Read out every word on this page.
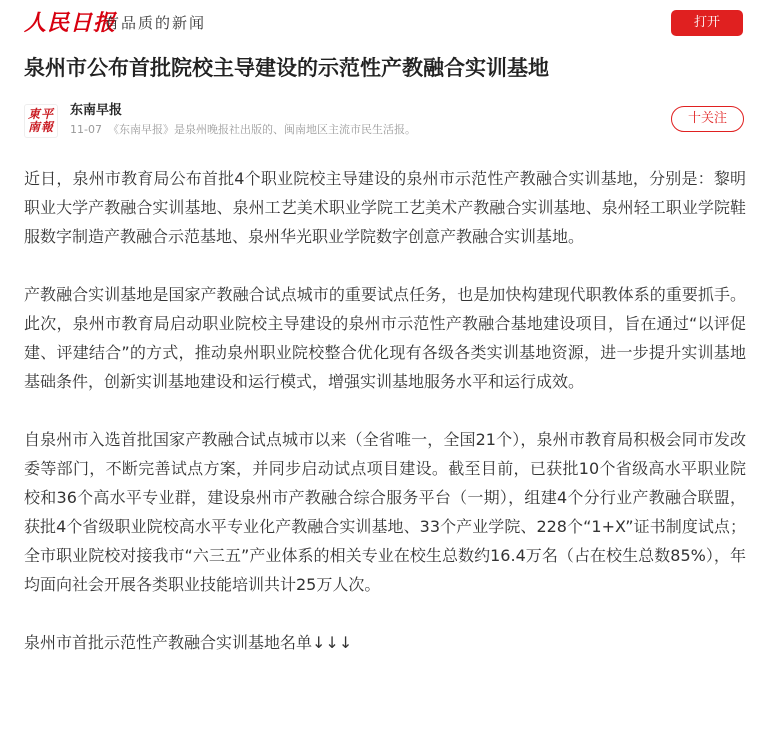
人民日报
有品质的新闻	打开
泉州市公布首批院校主导建设的示范性产教融合实训基地
東平
南報
东南早报
11-07 《东南早报》是泉州晚报社出版的、闽南地区主流市民生活报。
十关注

近日，泉州市教育局公布首批4个职业院校主导建设的泉州市示范性产教融合实训基地，分别是：黎明职业大学产教融合实训基地、泉州工艺美术职业学院工艺美术产教融合实训基地、泉州轻工职业学院鞋服数字制造产教融合示范基地、泉州华光职业学院数字创意产教融合实训基地。

产教融合实训基地是国家产教融合试点城市的重要试点任务，也是加快构建现代职教体系的重要抓手。此次，泉州市教育局启动职业院校主导建设的泉州市示范性产教融合基地建设项目，旨在通过“以评促建、评建结合”的方式，推动泉州职业院校整合优化现有各级各类实训基地资源，进一步提升实训基地基础条件，创新实训基地建设和运行模式，增强实训基地服务水平和运行成效。

自泉州市入选首批国家产教融合试点城市以来（全省唯一，全国21个），泉州市教育局积极会同市发改委等部门，不断完善试点方案，并同步启动试点项目建设。截至目前，已获批10个省级高水平职业院校和36个高水平专业群，建设泉州市产教融合综合服务平台（一期），组建4个分行业产教融合联盟，获批4个省级职业院校高水平专业化产教融合实训基地、33个产业学院、228个“1+X”证书制度试点；全市职业院校对接我市“六三五”产业体系的相关专业在校生总数约16.4万名（占在校生总数85%），年均面向社会开展各类职业技能培训共计25万人次。

泉州市首批示范性产教融合实训基地名单↓↓↓
